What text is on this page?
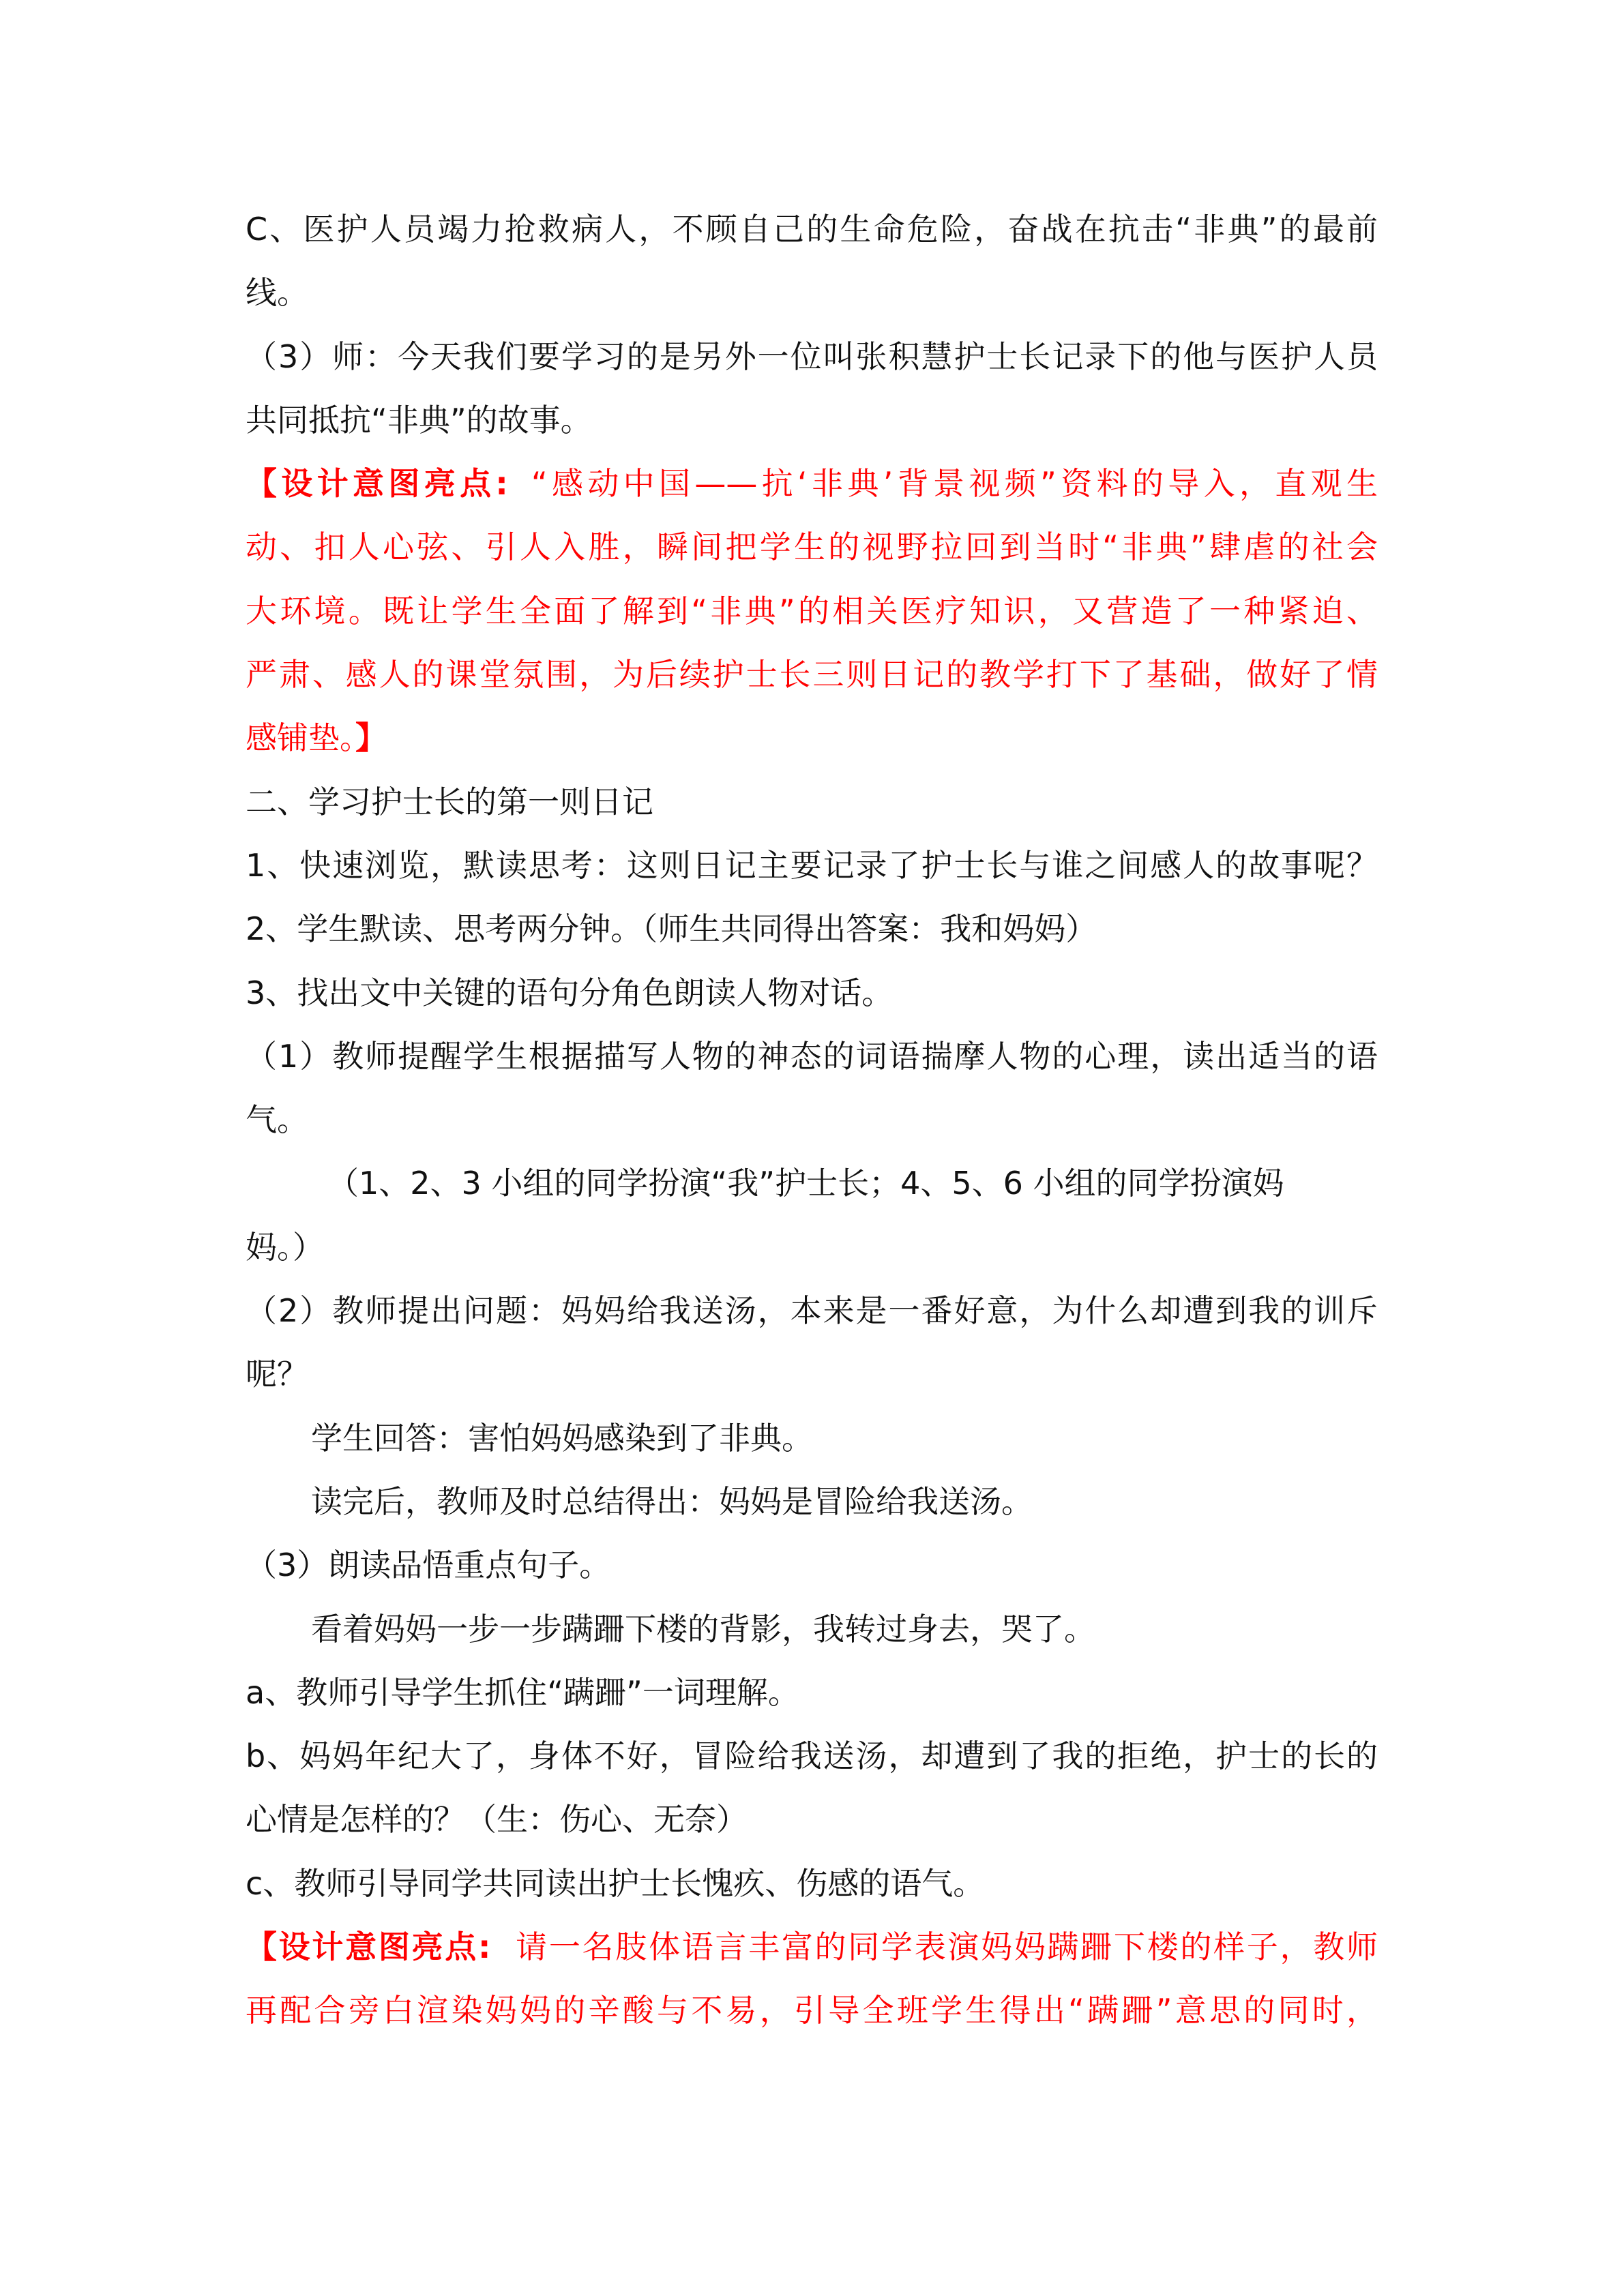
C、医护人员竭力抢救病人，不顾自己的生命危险，奋战在抗击“非典”的最前
线。
（3）师：今天我们要学习的是另外一位叫张积慧护士长记录下的他与医护人员
共同抵抗“非典”的故事。
【设计意图亮点: “感动中国——抗‘非典’背景视频”资料的导入，直观生
动、扣人心弦、引人入胜，瞬间把学生的视野拉回到当时“非典”肆虐的社会
大环境。既让学生全面了解到“非典”的相关医疗知识，又营造了一种紧迫、
严肃、感人的课堂氛围，为后续护士长三则日记的教学打下了基础，做好了情
感铺垫。】
二、学习护士长的第一则日记
1、快速浏览，默读思考：这则日记主要记录了护士长与谁之间感人的故事呢？
2、学生默读、思考两分钟。（师生共同得出答案：我和妈妈）
3、找出文中关键的语句分角色朗读人物对话。
（1）教师提醒学生根据描写人物的神态的词语揣摩人物的心理，读出适当的语
气。
（1、2、3 小组的同学扮演“我”护士长；4、5、6 小组的同学扮演妈
妈。）
（2）教师提出问题：妈妈给我送汤，本来是一番好意，为什么却遭到我的训斥
呢？
学生回答：害怕妈妈感染到了非典。
读完后，教师及时总结得出：妈妈是冒险给我送汤。
（3）朗读品悟重点句子。
看着妈妈一步一步蹒跚下楼的背影，我转过身去，哭了。
a、教师引导学生抓住“蹒跚”一词理解。
b、妈妈年纪大了，身体不好，冒险给我送汤，却遭到了我的拒绝，护士的长的
心情是怎样的？（生：伤心、无奈）
c、教师引导同学共同读出护士长愧疚、伤感的语气。
【设计意图亮点: 请一名肢体语言丰富的同学表演妈妈蹒跚下楼的样子，教师
再配合旁白渲染妈妈的辛酸与不易，引导全班学生得出“蹒跚”意思的同时，
